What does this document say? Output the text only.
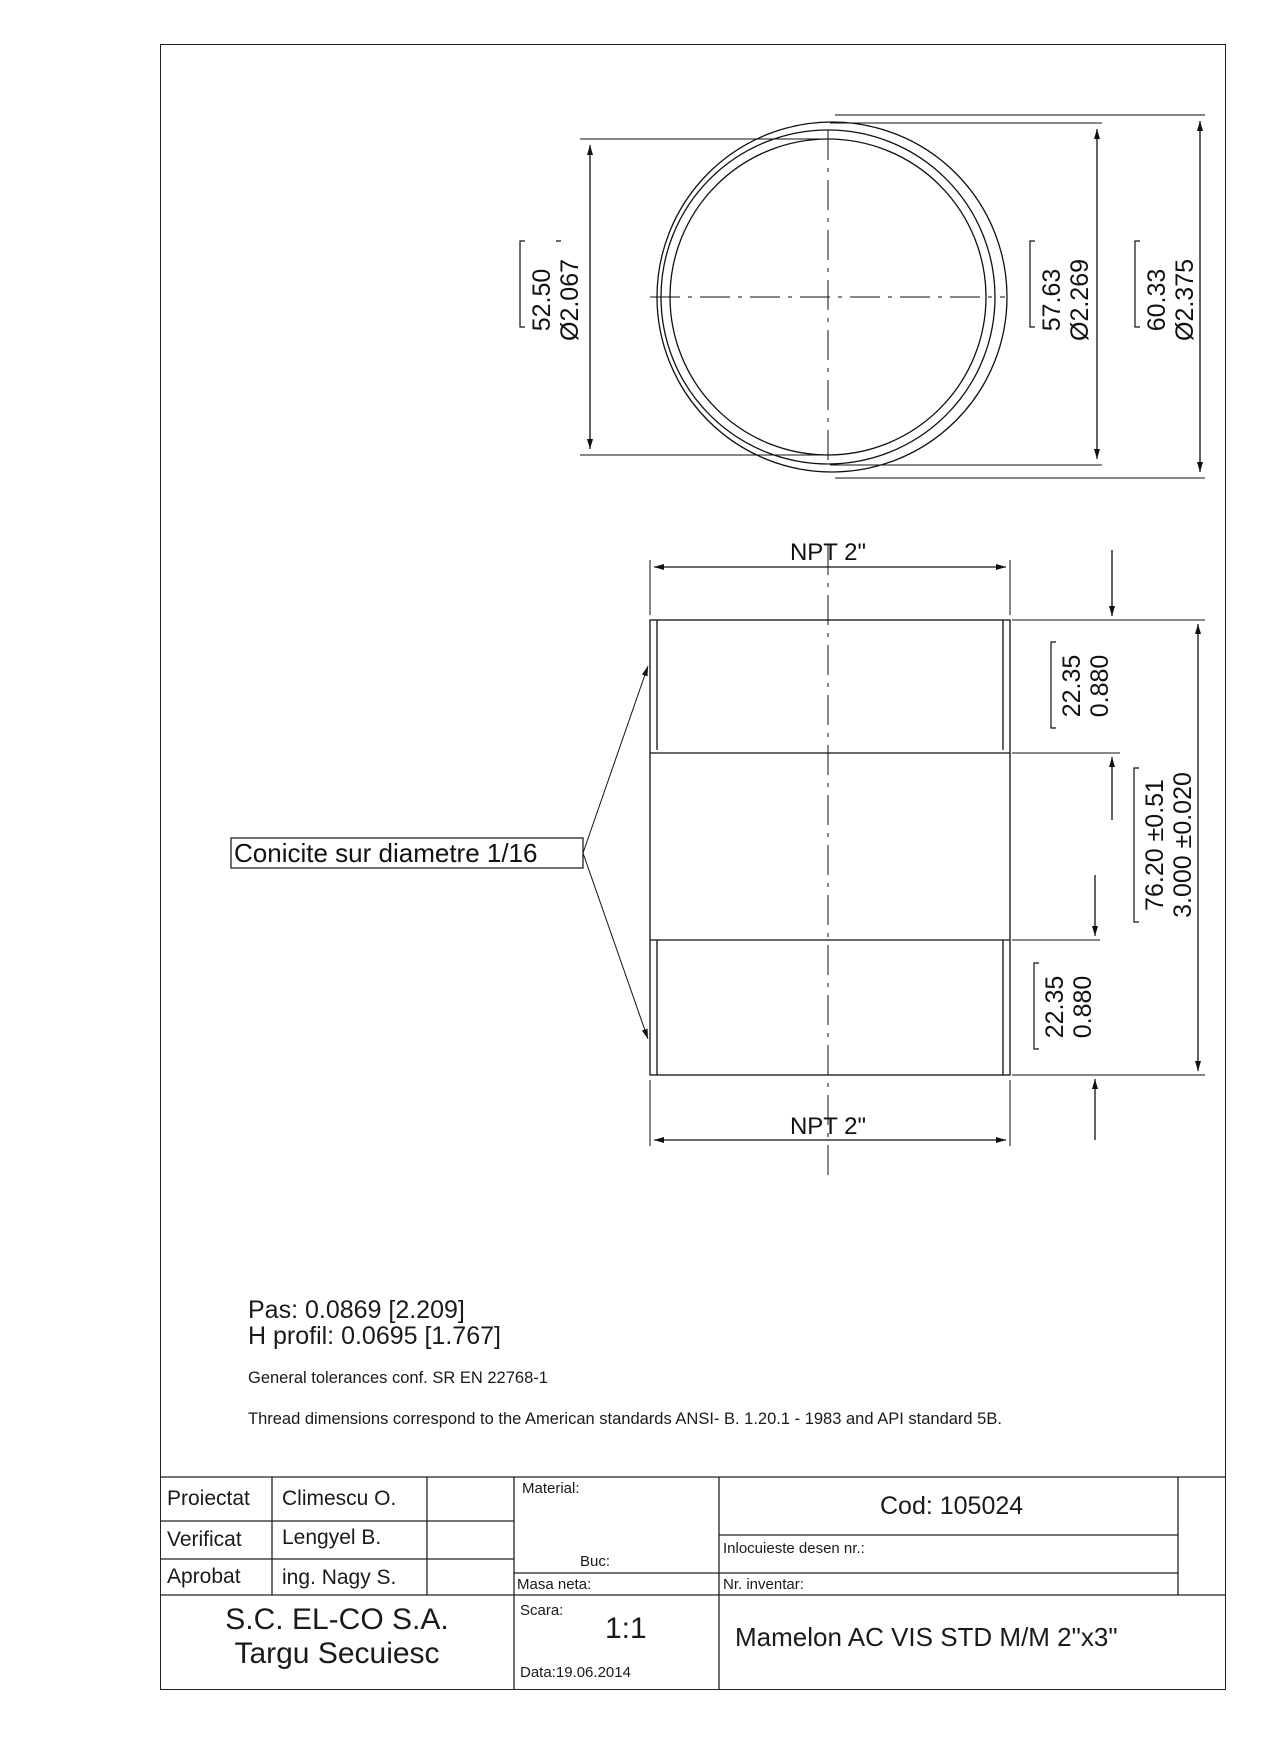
52.50 Ø2.067	57.63 Ø2.269 60.33 Ø2.375
NPT 2"
NPT 2"
Conicite sur diametre 1/16
22.35 0.880
22.35 0.880
76.20 ±0.51 3.000 ±0.020
Pas: 0.0869 [2.209]
H profil: 0.0695 [1.767]
General tolerances conf. SR EN 22768-1
Thread dimensions correspond to the American standards ANSI- B. 1.20.1 - 1983 and API standard 5B.
Proiectat Climescu O.
Verificat Lengyel B.
Aprobat ing. Nagy S.
Material:
Buc:
Masa neta:
Cod: 105024
Inlocuieste desen nr.:
Nr. inventar:
S.C. EL-CO S.A.
Targu Secuiesc
Scara:
1:1
Data:19.06.2014
Mamelon AC VIS STD M/M 2"x3"
